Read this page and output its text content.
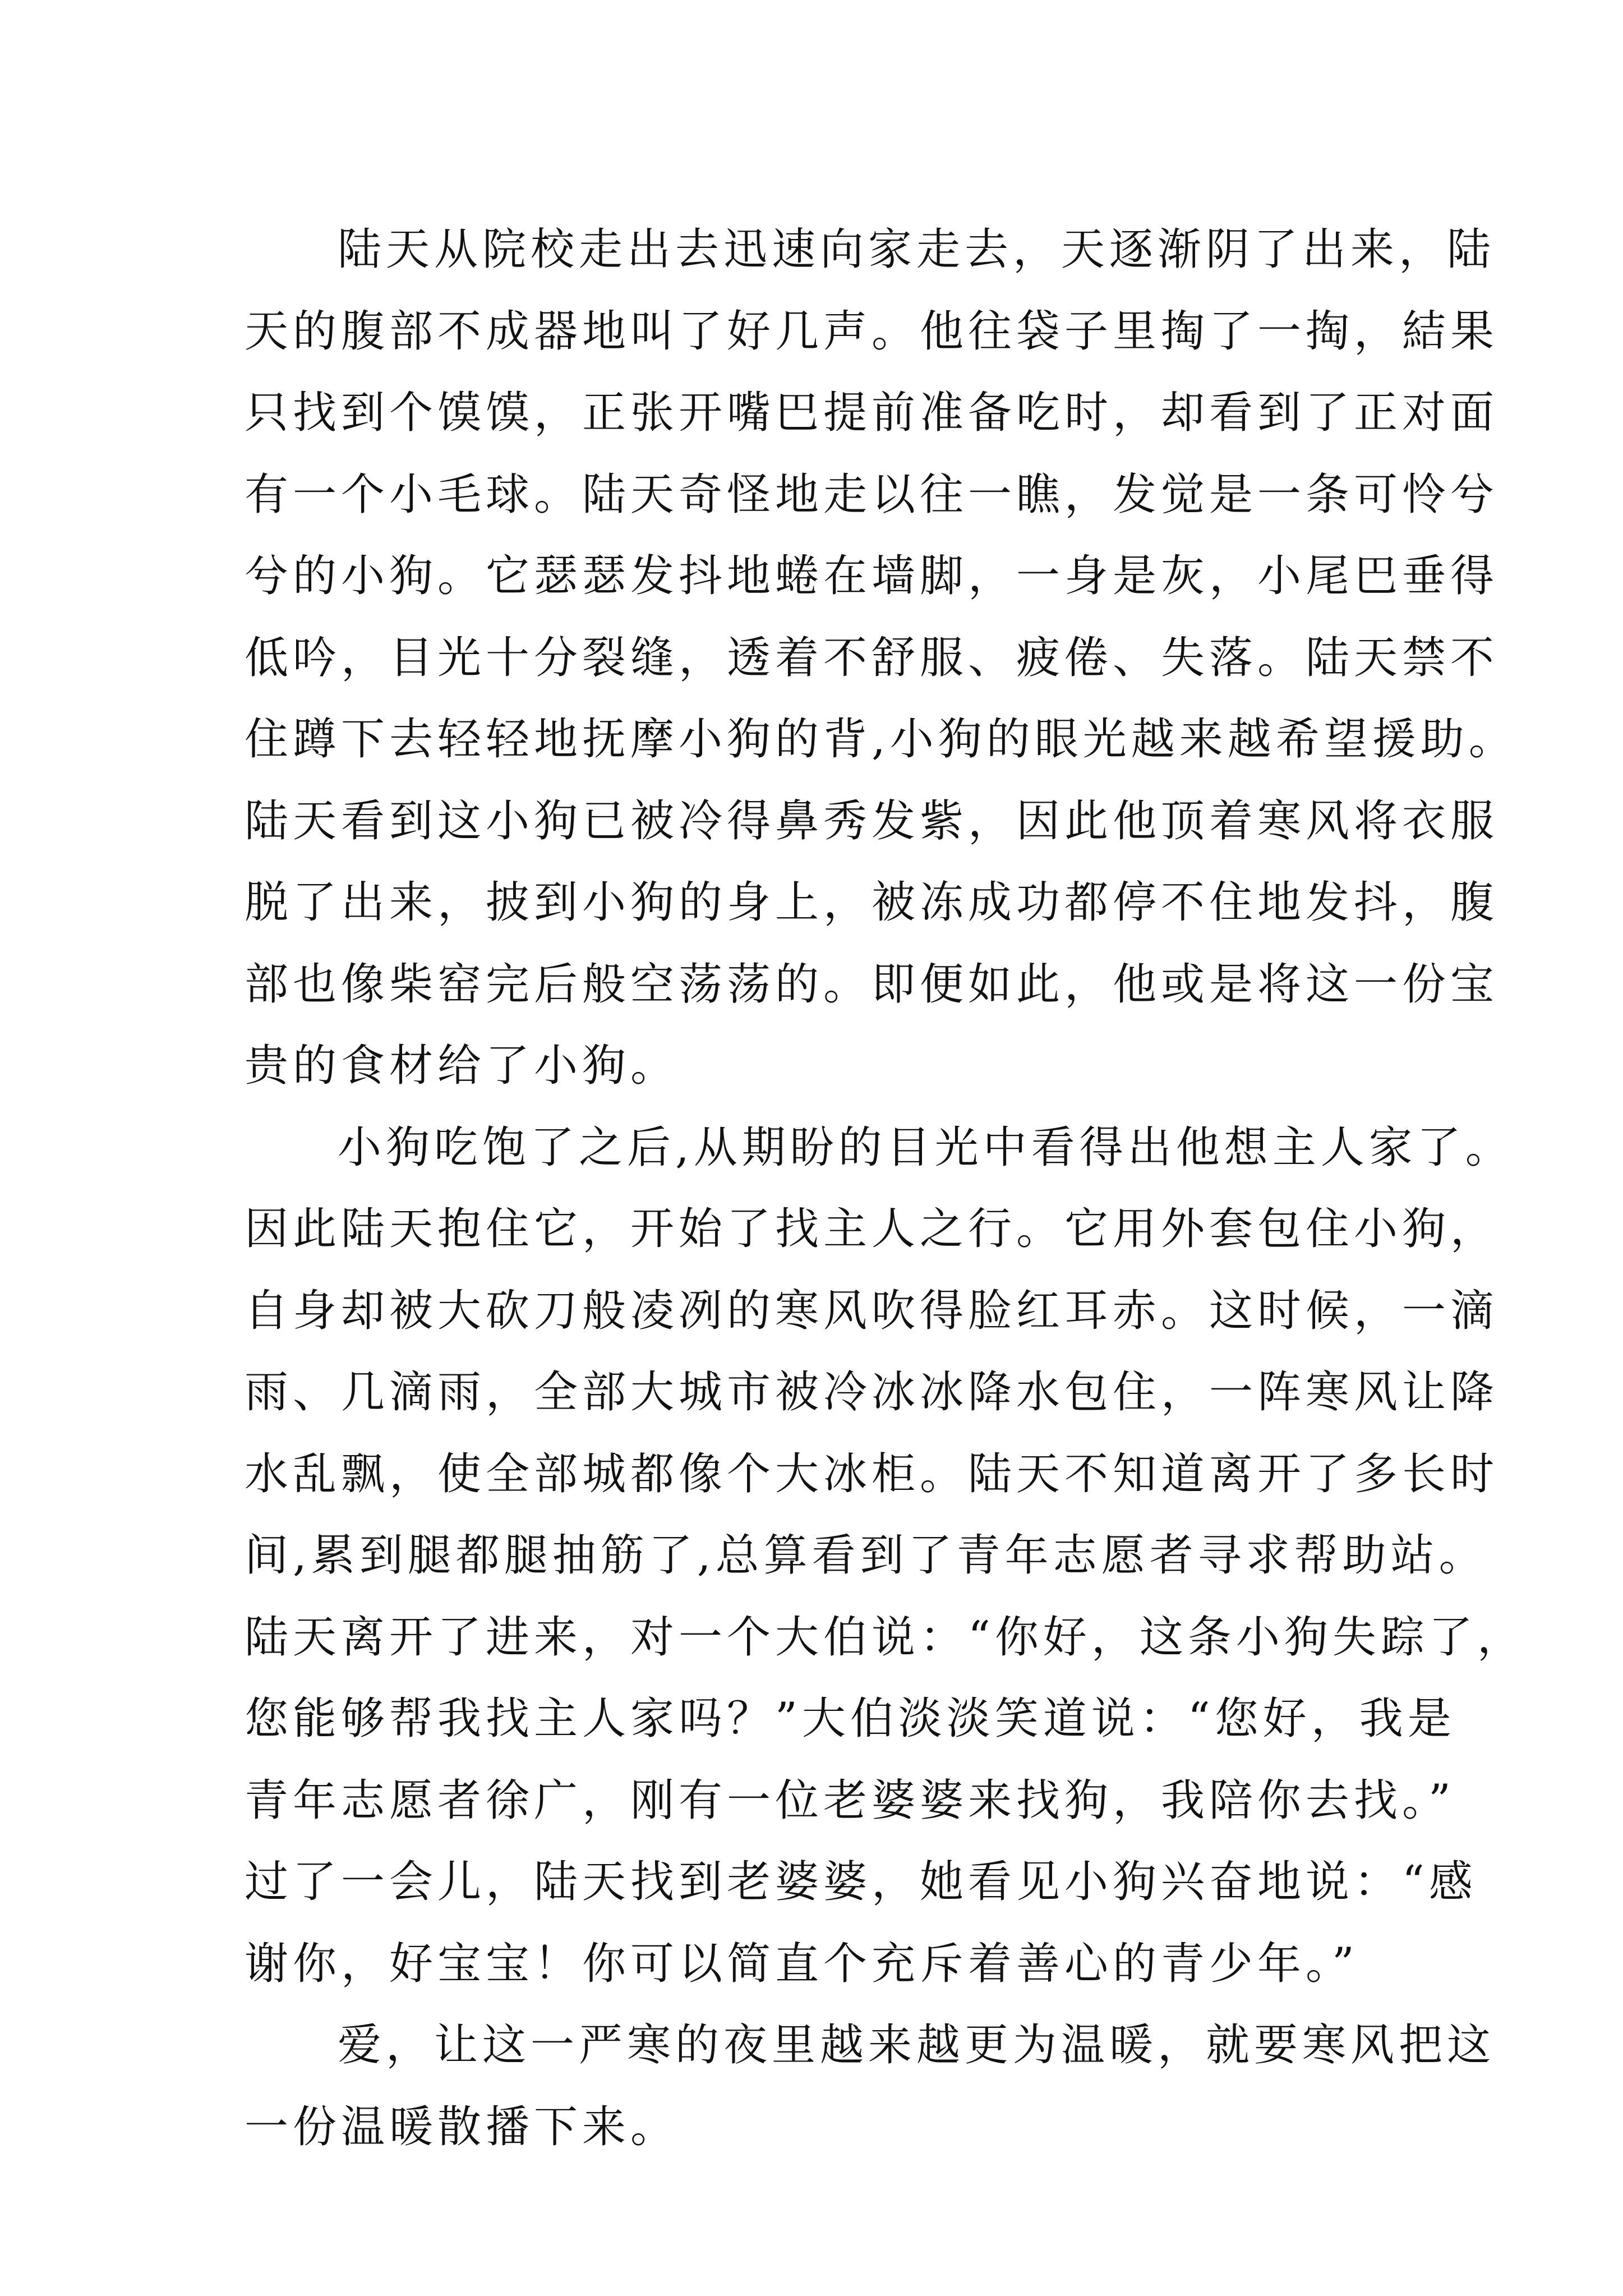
陆天从院校走出去迅速向家走去，天逐渐阴了出来，陆
天的腹部不成器地叫了好几声。他往袋子里掏了一掏，結果
只找到个馍馍，正张开嘴巴提前准备吃时，却看到了正对面
有一个小毛球。陆天奇怪地走以往一瞧，发觉是一条可怜兮
兮的小狗。它瑟瑟发抖地蜷在墙脚，一身是灰，小尾巴垂得
低吟，目光十分裂缝，透着不舒服、疲倦、失落。陆天禁不
住蹲下去轻轻地抚摩小狗的背,小狗的眼光越来越希望援助。
陆天看到这小狗已被冷得鼻秀发紫，因此他顶着寒风将衣服
脱了出来，披到小狗的身上，被冻成功都停不住地发抖，腹
部也像柴窑完后般空荡荡的。即便如此，他或是将这一份宝
贵的食材给了小狗。
小狗吃饱了之后,从期盼的目光中看得出他想主人家了。
因此陆天抱住它，开始了找主人之行。它用外套包住小狗，
自身却被大砍刀般凌冽的寒风吹得脸红耳赤。这时候，一滴
雨、几滴雨，全部大城市被冷冰冰降水包住，一阵寒风让降
水乱飘，使全部城都像个大冰柜。陆天不知道离开了多长时
间,累到腿都腿抽筋了,总算看到了青年志愿者寻求帮助站。
陆天离开了进来，对一个大伯说：“你好，这条小狗失踪了，
您能够帮我找主人家吗？”大伯淡淡笑道说：“您好，我是
青年志愿者徐广，刚有一位老婆婆来找狗，我陪你去找。”
过了一会儿，陆天找到老婆婆，她看见小狗兴奋地说：“感
谢你，好宝宝！你可以简直个充斥着善心的青少年。”
爱，让这一严寒的夜里越来越更为温暖，就要寒风把这
一份温暖散播下来。
